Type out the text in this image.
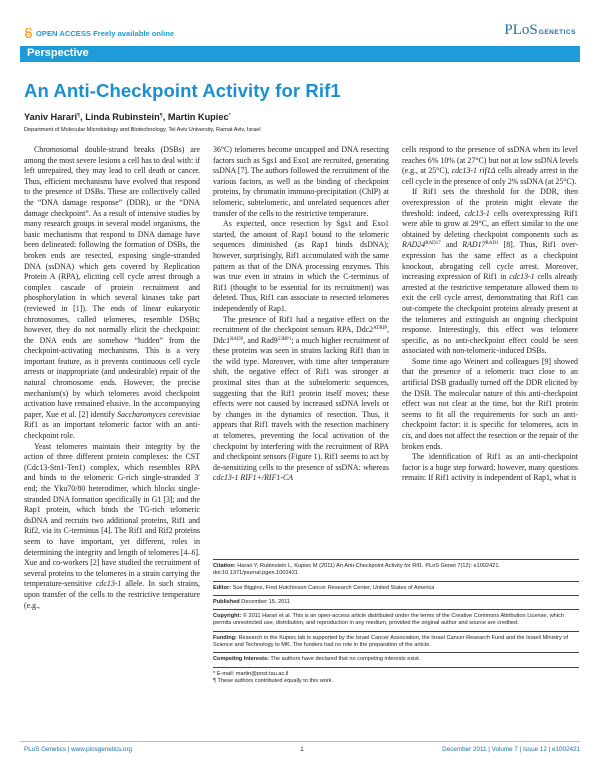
OPEN ACCESS Freely available online	PLoSGENETICS
Perspective
An Anti-Checkpoint Activity for Rif1
Yaniv Harari¶, Linda Rubinstein¶, Martin Kupiec*
Department of Molecular Microbiology and Biotechnology, Tel Aviv University, Ramat Aviv, Israel

Chromosomal double-strand breaks (DSBs) are among the most severe lesions a cell has to deal with: if left unrepaired, they may lead to cell death or cancer. Thus, efficient mechanisms have evolved that respond to the presence of DSBs. These are collectively called the “DNA damage response” (DDR), or the “DNA damage checkpoint”. As a result of intensive studies by many research groups in several model organisms, the basic mechanisms that respond to DNA damage have been delineated: following the formation of DSBs, the broken ends are resected, exposing single-stranded DNA (ssDNA) which gets covered by Replication Protein A (RPA), eliciting cell cycle arrest through a complex cascade of protein recruitment and phosphorylation in which several kinases take part (reviewed in [1]). The ends of linear eukaryotic chromosomes, called telomeres, resemble DSBs; however, they do not normally elicit the checkpoint: the DNA ends are somehow “hidden” from the checkpoint-activating mechanisms. This is a very important feature, as it prevents continuous cell cycle arrests or inappropriate (and undesirable) repair of the natural chromosome ends. However, the precise mechanism(s) by which telomeres avoid checkpoint activation have remained elusive. In the accompanying paper, Xue et al. [2] identify Saccharomyces cerevisiae Rif1 as an important telomeric factor with an anti-checkpoint role.

Yeast telomeres maintain their integrity by the action of three different protein complexes: the CST (Cdc13-Stn1-Ten1) complex, which resembles RPA and binds to the telomeric G-rich single-stranded 3′ end; the Yku70/80 heterodimer, which blocks single-stranded DNA formation specifically in G1 [3]; and the Rap1 protein, which binds the TG-rich telomeric dsDNA and recruits two additional proteins, Rif1 and Rif2, via its C-terminus [4]. The Rif1 and Rif2 proteins seem to have important, yet different, roles in determining the integrity and length of telomeres [4–6]. Xue and co-workers [2] have studied the recruitment of several proteins to the telomeres in a strain carrying the temperature-sensitive cdc13-1 allele. In such strains, upon transfer of the cells to the restrictive temperature (e.g.,

36°C) telomeres become uncapped and DNA resecting factors such as Sgs1 and Exo1 are recruited, generating ssDNA [7]. The authors followed the recruitment of the various factors, as well as the binding of checkpoint proteins, by chromatin immuno-precipitation (ChIP) at telomeric, subtelomeric, and unrelated sequences after transfer of the cells to the restrictive temperature.

As expected, once resection by Sgs1 and Exo1 started, the amount of Rap1 bound to the telomeric sequences diminished (as Rap1 binds dsDNA); however, surprisingly, Rif1 accumulated with the same pattern as that of the DNA processing enzymes. This was true even in strains in which the C-terminus of Rif1 (thought to be essential for its recruitment) was deleted. Thus, Rif1 can associate to resected telomeres independently of Rap1.

The presence of Rif1 had a negative effect on the recruitment of the checkpoint sensors RPA, $Ddc2^{ATRIP}$, $Ddc1^{RAD9}$, and $Rad9^{53BP1}$; a much higher recruitment of these proteins was seen in strains lacking Rif1 than in the wild type. Moreover, with time after temperature shift, the negative effect of Rif1 was stronger at proximal sites than at the subtelomeric sequences, suggesting that the Rif1 protein itself moves; these effects were not caused by increased ssDNA levels or by changes in the dynamics of resection. Thus, it appears that Rif1 travels with the resection machinery at telomeres, preventing the local activation of the checkpoint by interfering with the recruitment of RPA and checkpoint sensors (Figure 1). Rif1 seems to act by de-sensitizing cells to the presence of ssDNA: whereas cdc13-1 RIF1+/RIF1-CA

cells respond to the presence of ssDNA when its level reaches 6% 10% (at 27°C) but not at low ssDNA levels (e.g., at 25°C), cdc13-1 rif1Δ cells already arrest in the cell cycle in the presence of only 2% ssDNA (at 25°C).

If Rif1 sets the threshold for the DDR, then overexpression of the protein might elevate the threshold: indeed, cdc13-1 cells overexpressing Rif1 were able to grow at 29°C, an effect similar to the one obtained by deleting checkpoint components such as $RAD24^{RAD17}$ and $RAD17^{RAD1}$ [8]. Thus, Rif1 over-expression has the same effect as a checkpoint knockout, abrogating cell cycle arrest. Moreover, increasing expression of Rif1 in cdc13-1 cells already arrested at the restrictive temperature allowed them to exit the cell cycle arrest, demonstrating that Rif1 can out-compete the checkpoint proteins already present at the telomeres and extinguish an ongoing checkpoint response. Interestingly, this effect was telomere specific, as no anti-checkpoint effect could be seen associated with non-telomeric-induced DSBs.

Some time ago Weinert and colleagues [9] showed that the presence of a telomeric tract close to an artificial DSB gradually turned off the DDR elicited by the DSB. The molecular nature of this anti-checkpoint effect was not clear at the time, but the Rif1 protein seems to fit all the requirements for such an anti-checkpoint factor: it is specific for telomeres, acts in cis, and does not affect the resection or the repair of the broken ends.

The identification of Rif1 as an anti-checkpoint factor is a huge step forward; however, many questions remain: If Rif1 activity is independent of Rap1, what is

Citation: Harari Y, Rubinstein L, Kupiec M (2011) An Anti-Checkpoint Activity for Rif1. PLoS Genet 7(12): e1002421. doi:10.1371/journal.pgen.1002421
Editor: Sue Biggins, Fred Hutchinson Cancer Research Center, United States of America
Published December 15, 2011
Copyright: © 2011 Harari et al. This is an open-access article distributed under the terms of the Creative Commons Attribution License, which permits unrestricted use, distribution, and reproduction in any medium, provided the original author and source are credited.
Funding: Research in the Kupiec lab is supported by the Israel Cancer Association, the Israel Cancer Research Fund and the Israeli Ministry of Science and Technology to MK. The funders had no role in the preparation of the article.
Competing Interests: The authors have declared that no competing interests exist.
* E-mail: martin@post.tau.ac.il
¶ These authors contributed equally to this work.
PLoS Genetics | www.plosgenetics.org	1	December 2011 | Volume 7 | Issue 12 | e1002421
